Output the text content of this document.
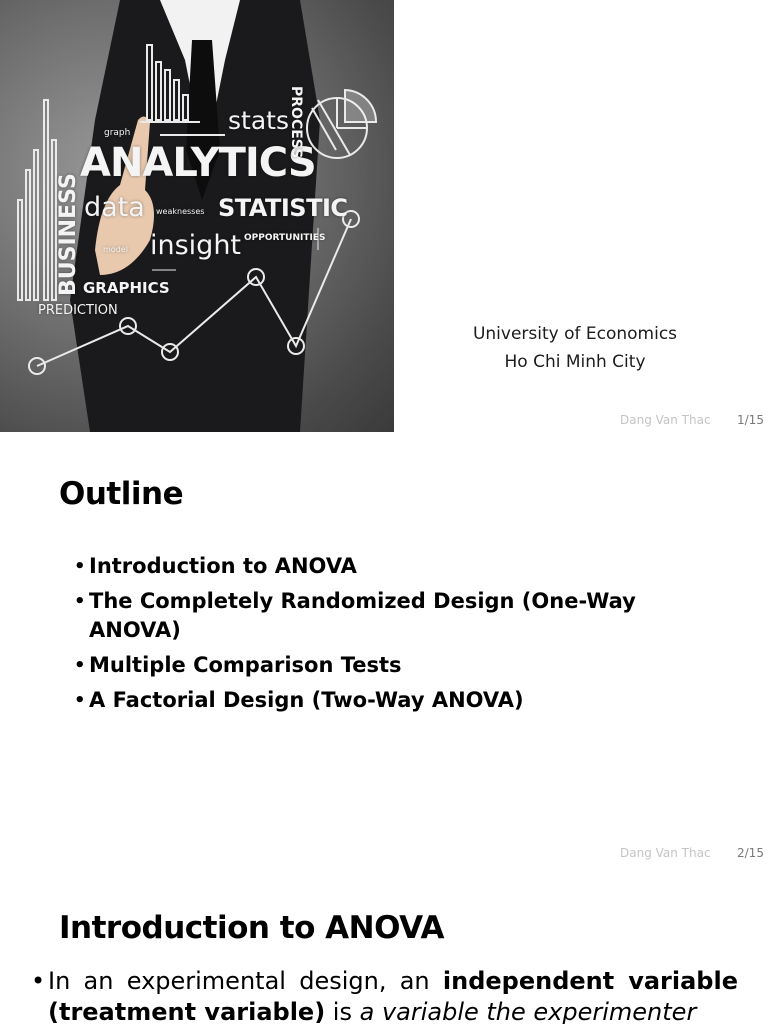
graph	stats
ANALYTICS
data weaknesses STATISTIC
model insight OPPORTUNITIES
GRAPHICS
PREDICTION
BUSINESS
PROCESS
University of Economics
Ho Chi Minh City
Dang Van Thac 1/15
Outline
• Introduction to ANOVA
• The Completely Randomized Design (One-Way ANOVA)
• Multiple Comparison Tests
• A Factorial Design (Two-Way ANOVA)
Dang Van Thac 2/15
Introduction to ANOVA

• In an experimental design, an independent variable (treatment variable) is a variable the experimenter
